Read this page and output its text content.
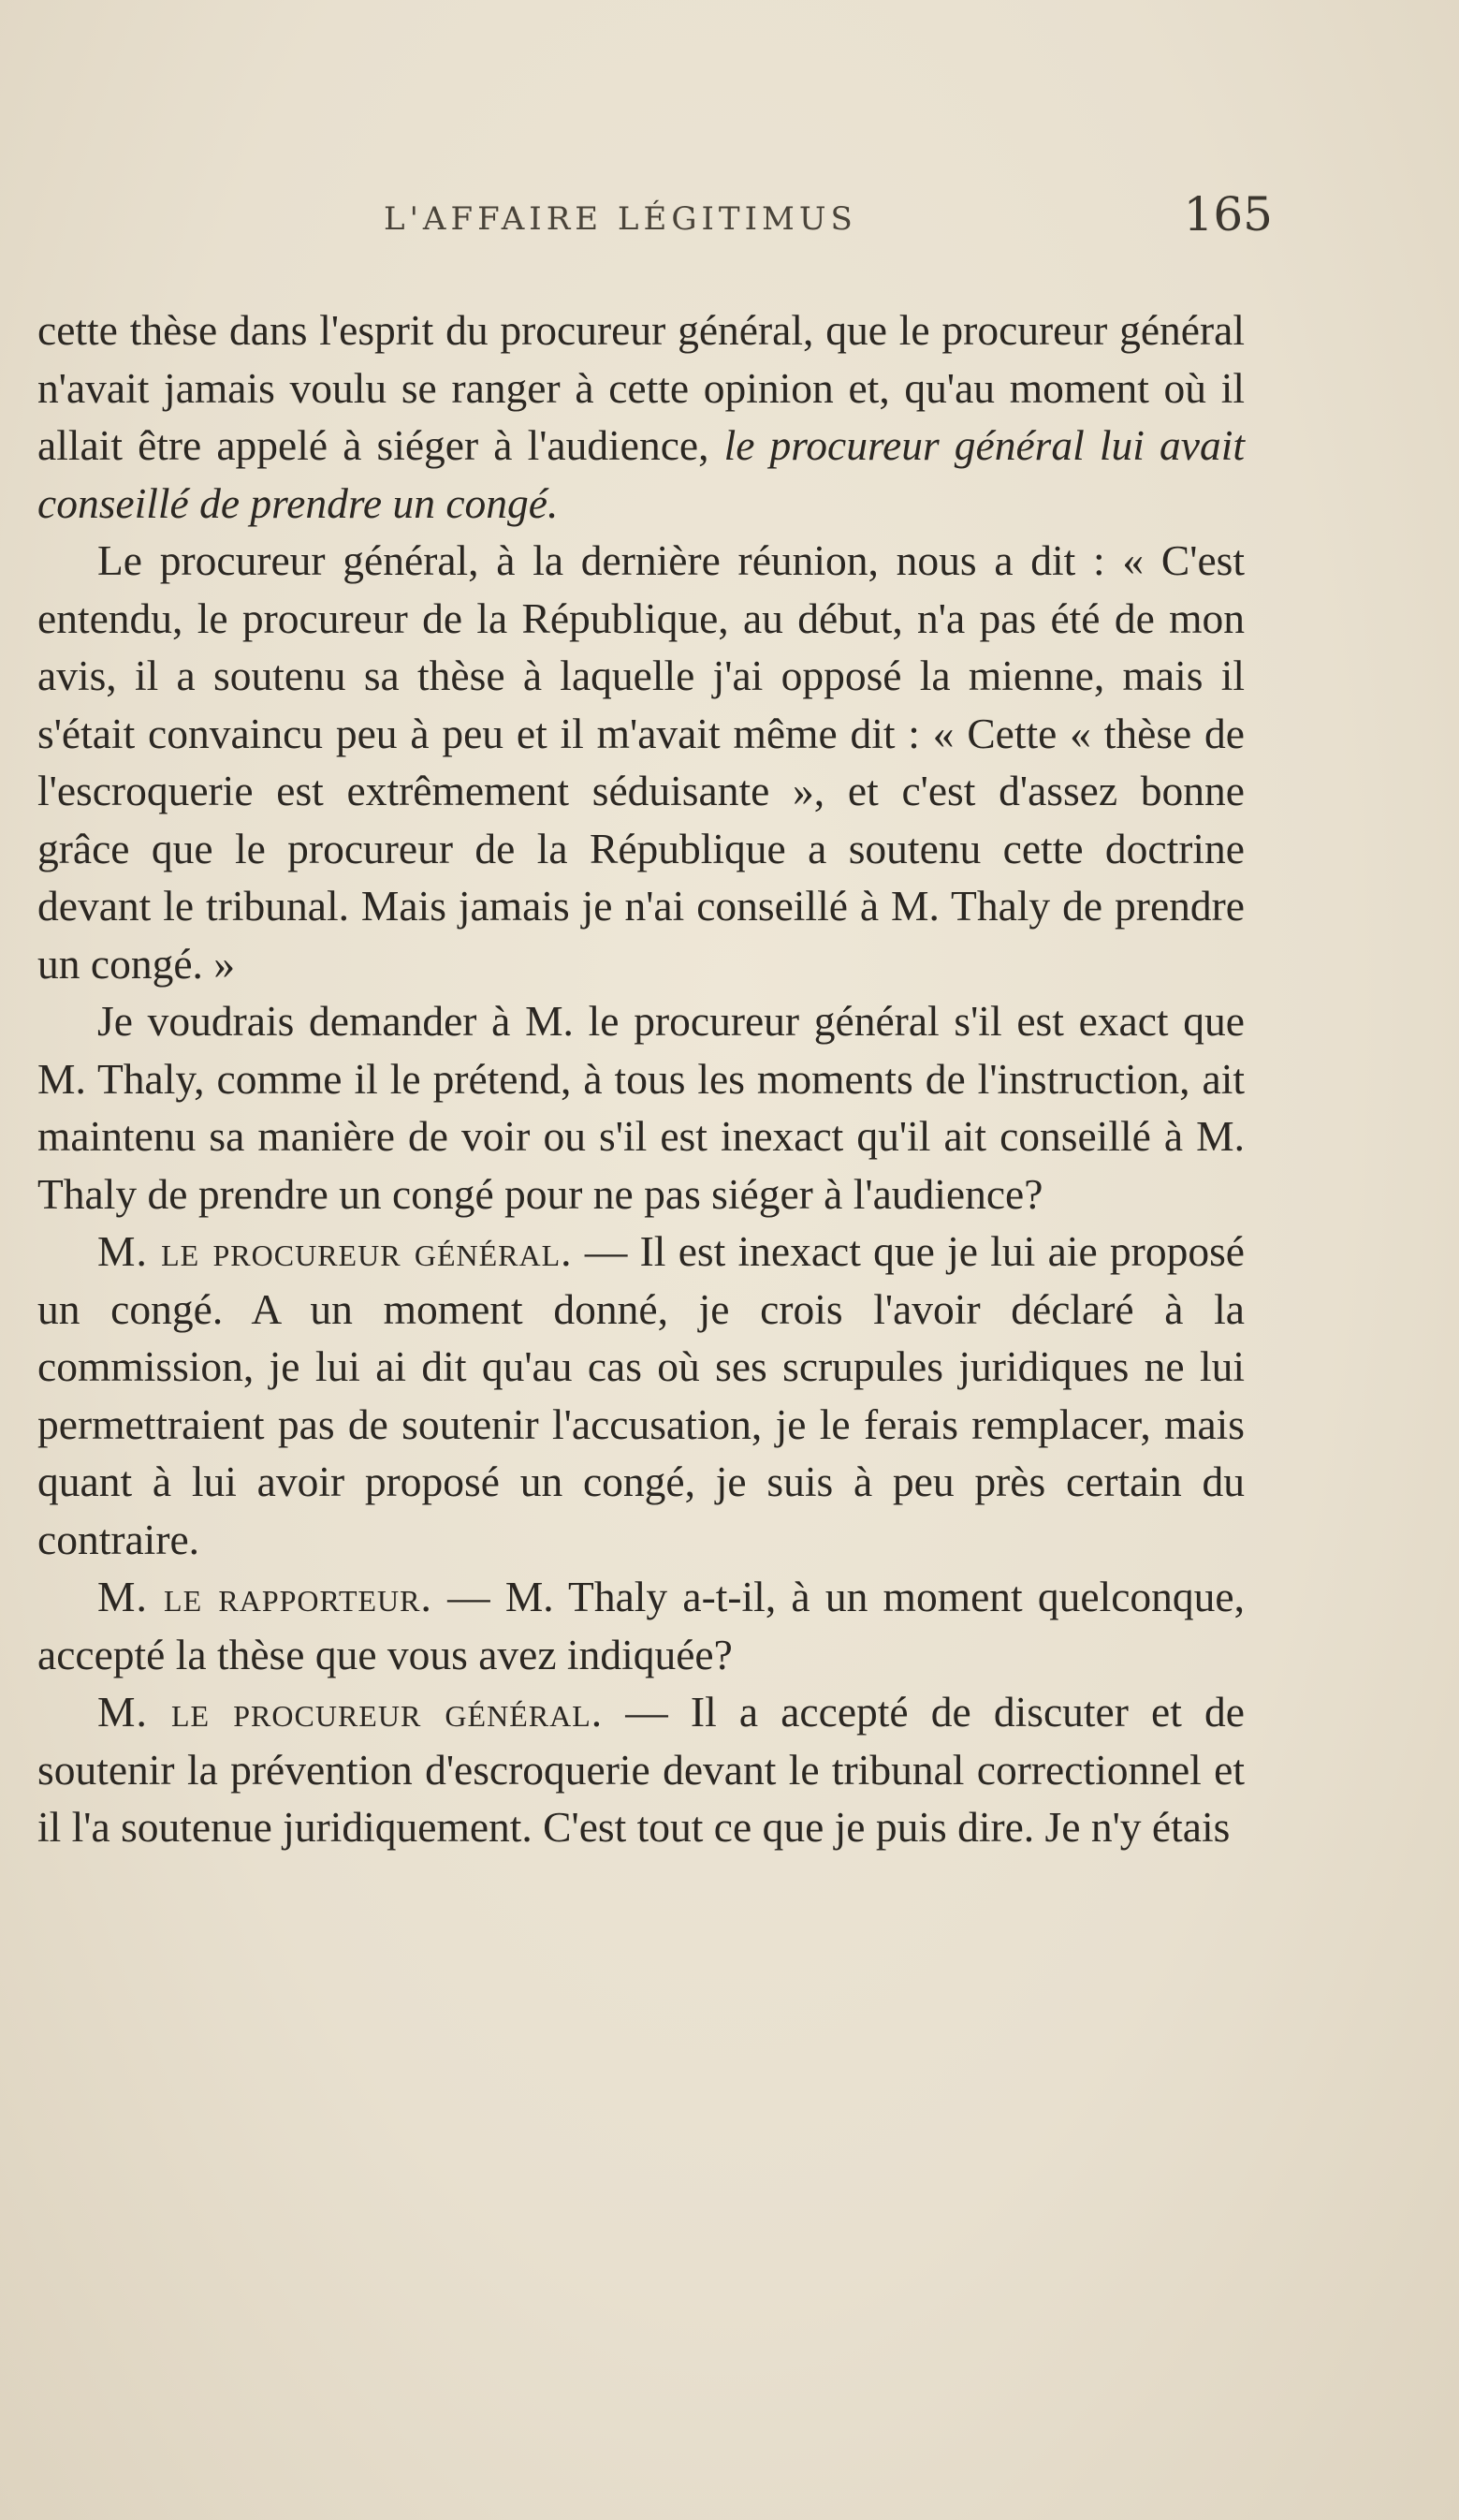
L'AFFAIRE LÉGITIMUS	165

cette thèse dans l'esprit du procureur général, que le procureur général n'avait jamais voulu se ranger à cette opinion et, qu'au moment où il allait être appelé à siéger à l'audience, le procureur général lui avait conseillé de prendre un congé.

Le procureur général, à la dernière réunion, nous a dit : « C'est entendu, le procureur de la République, au début, n'a pas été de mon avis, il a soutenu sa thèse à laquelle j'ai opposé la mienne, mais il s'était convaincu peu à peu et il m'avait même dit : « Cette « thèse de l'escroquerie est extrêmement séduisante », et c'est d'assez bonne grâce que le procureur de la République a soutenu cette doctrine devant le tribunal. Mais jamais je n'ai conseillé à M. Thaly de prendre un congé. »

Je voudrais demander à M. le procureur général s'il est exact que M. Thaly, comme il le prétend, à tous les moments de l'instruction, ait maintenu sa manière de voir ou s'il est inexact qu'il ait conseillé à M. Thaly de prendre un congé pour ne pas siéger à l'audience?

M. le procureur général. — Il est inexact que je lui aie proposé un congé. A un moment donné, je crois l'avoir déclaré à la commission, je lui ai dit qu'au cas où ses scrupules juridiques ne lui permettraient pas de soutenir l'accusation, je le ferais remplacer, mais quant à lui avoir proposé un congé, je suis à peu près certain du contraire.

M. le rapporteur. — M. Thaly a-t-il, à un moment quelconque, accepté la thèse que vous avez indiquée?

M. le procureur général. — Il a accepté de discuter et de soutenir la prévention d'escroquerie devant le tribunal correctionnel et il l'a soutenue juridiquement. C'est tout ce que je puis dire. Je n'y étais
